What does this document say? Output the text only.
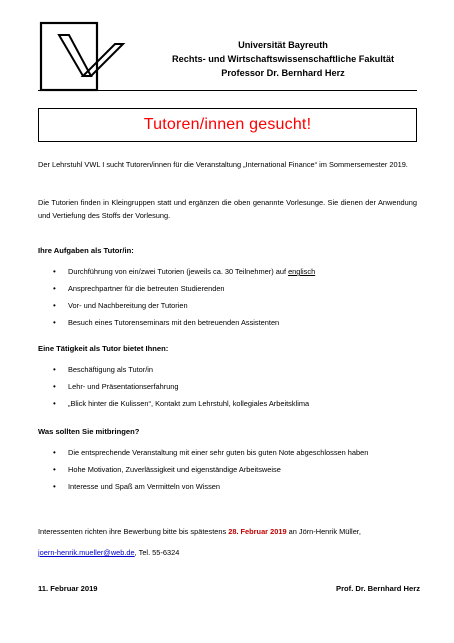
Universität Bayreuth
Rechts- und Wirtschaftswissenschaftliche Fakultät
Professor Dr. Bernhard Herz
Tutoren/innen gesucht!

Der Lehrstuhl VWL I sucht Tutoren/innen für die Veranstaltung „International Finance“ im Sommersemester 2019.

Die Tutorien finden in Kleingruppen statt und ergänzen die oben genannte Vorlesunge. Sie dienen der Anwendung und Vertiefung des Stoffs der Vorlesung.

Ihre Aufgaben als Tutor/in:
• Durchführung von ein/zwei Tutorien (jeweils ca. 30 Teilnehmer) auf englisch
• Ansprechpartner für die betreuten Studierenden
• Vor- und Nachbereitung der Tutorien
• Besuch eines Tutorenseminars mit den betreuenden Assistenten
Eine Tätigkeit als Tutor bietet Ihnen:
• Beschäftigung als Tutor/in
• Lehr- und Präsentationserfahrung
• „Blick hinter die Kulissen“, Kontakt zum Lehrstuhl, kollegiales Arbeitsklima
Was sollten Sie mitbringen?
• Die entsprechende Veranstaltung mit einer sehr guten bis guten Note abgeschlossen haben
• Hohe Motivation, Zuverlässigkeit und eigenständige Arbeitsweise
• Interesse und Spaß am Vermitteln von Wissen
Interessenten richten ihre Bewerbung bitte bis spätestens 28. Februar 2019 an Jörn-Henrik Müller,
joern-henrik.mueller@web.de, Tel. 55-6324
11. Februar 2019	Prof. Dr. Bernhard Herz
